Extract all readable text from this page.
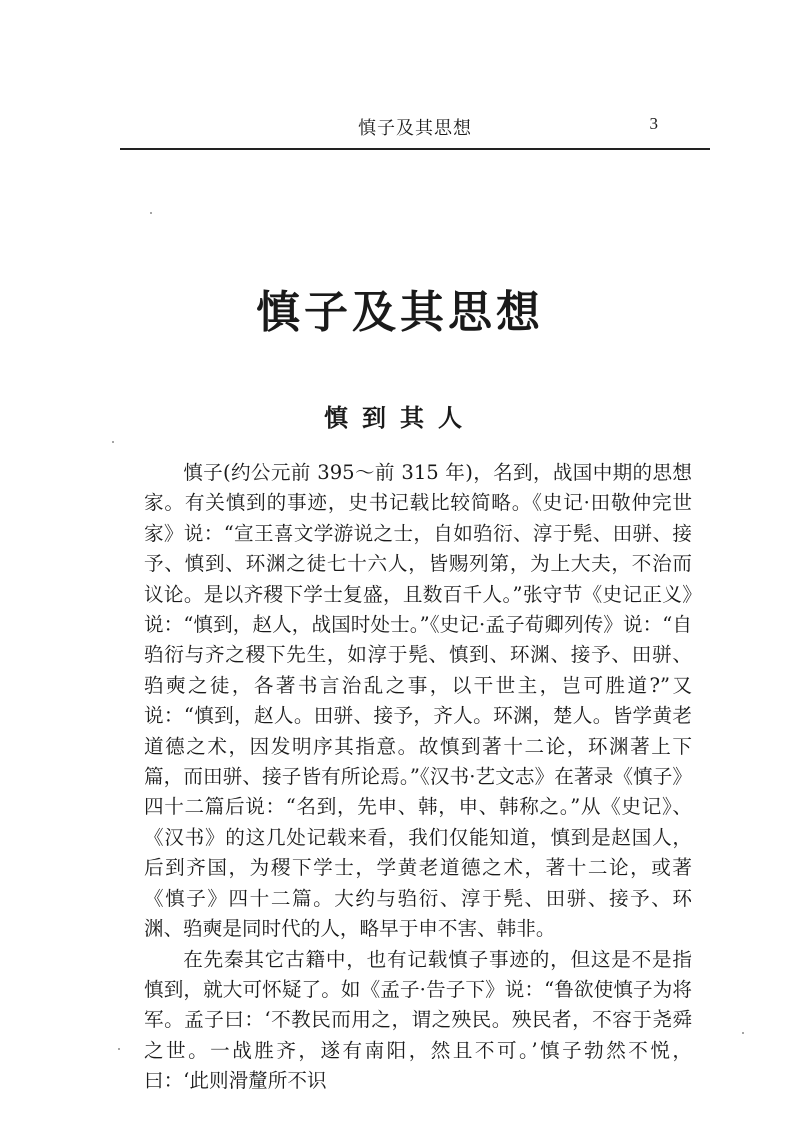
慎子及其思想	3
慎子及其思想
慎到其人

慎子(约公元前 395～前 315 年)，名到，战国中期的思想家。有关慎到的事迹，史书记载比较简略。《史记·田敬仲完世家》说：“宣王喜文学游说之士，自如驺衍、淳于髡、田骈、接予、慎到、环渊之徒七十六人，皆赐列第，为上大夫，不治而议论。是以齐稷下学士复盛，且数百千人。”张守节《史记正义》说：“慎到，赵人，战国时处士。”《史记·孟子荀卿列传》说：“自驺衍与齐之稷下先生，如淳于髡、慎到、环渊、接予、田骈、驺奭之徒，各著书言治乱之事，以干世主，岂可胜道?”又说：“慎到，赵人。田骈、接予，齐人。环渊，楚人。皆学黄老道德之术，因发明序其指意。故慎到著十二论，环渊著上下篇，而田骈、接子皆有所论焉。”《汉书·艺文志》在著录《慎子》四十二篇后说：“名到，先申、韩，申、韩称之。”从《史记》、《汉书》的这几处记载来看，我们仅能知道，慎到是赵国人，后到齐国，为稷下学士，学黄老道德之术，著十二论，或著《慎子》四十二篇。大约与驺衍、淳于髡、田骈、接予、环渊、驺奭是同时代的人，略早于申不害、韩非。

在先秦其它古籍中，也有记载慎子事迹的，但这是不是指慎到，就大可怀疑了。如《孟子·告子下》说：“鲁欲使慎子为将军。孟子曰：‘不教民而用之，谓之殃民。殃民者，不容于尧舜之世。一战胜齐，遂有南阳，然且不可。’慎子勃然不悦，曰：‘此则滑釐所不识
